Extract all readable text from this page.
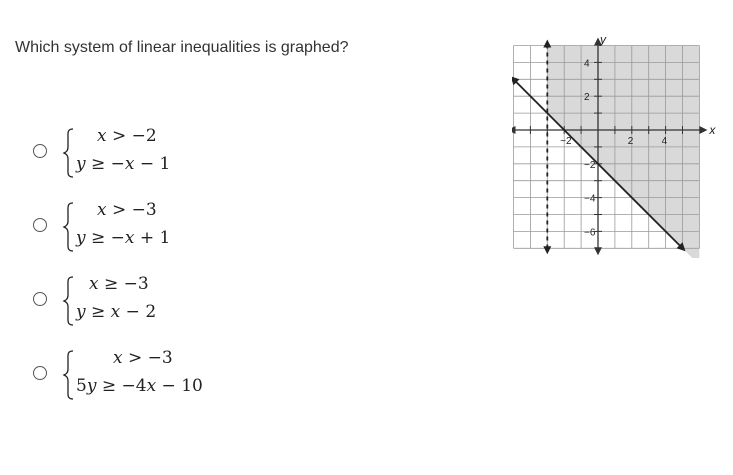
Which system of linear inequalities is graphed?
x > −2
y ≥ −x − 1
x > −3
y ≥ −x + 1
x ≥ −3
y ≥ x − 2
x > −3
5y ≥ −4x − 10
x
y
−2	2	4
4
2
−2
−4
−6
